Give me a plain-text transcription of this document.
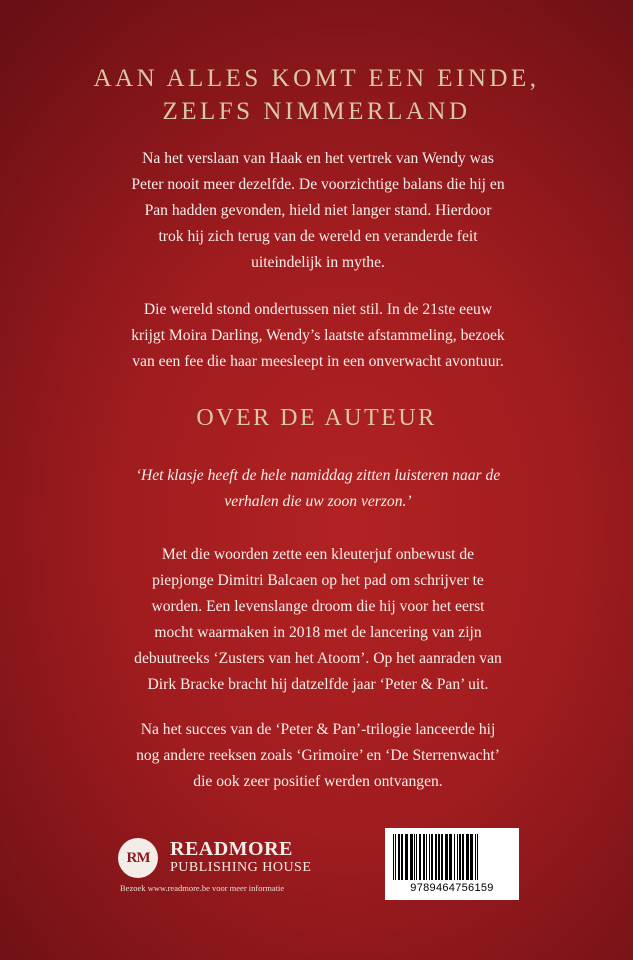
AAN ALLES KOMT EEN EINDE,
ZELFS NIMMERLAND
Na het verslaan van Haak en het vertrek van Wendy was
Peter nooit meer dezelfde. De voorzichtige balans die hij en
Pan hadden gevonden, hield niet langer stand. Hierdoor
trok hij zich terug van de wereld en veranderde feit
uiteindelijk in mythe.
Die wereld stond ondertussen niet stil. In de 21ste eeuw
krijgt Moira Darling, Wendy’s laatste afstammeling, bezoek
van een fee die haar meesleept in een onverwacht avontuur.
OVER DE AUTEUR
‘Het klasje heeft de hele namiddag zitten luisteren naar de
verhalen die uw zoon verzon.’
Met die woorden zette een kleuterjuf onbewust de
piepjonge Dimitri Balcaen op het pad om schrijver te
worden. Een levenslange droom die hij voor het eerst
mocht waarmaken in 2018 met de lancering van zijn
debuutreeks ‘Zusters van het Atoom’. Op het aanraden van
Dirk Bracke bracht hij datzelfde jaar ‘Peter & Pan’ uit.
Na het succes van de ‘Peter & Pan’-trilogie lanceerde hij
nog andere reeksen zoals ‘Grimoire’ en ‘De Sterrenwacht’
die ook zeer positief werden ontvangen.
RM READMORE
PUBLISHING HOUSE
Bezoek www.readmore.be voor meer informatie	9789464756159
